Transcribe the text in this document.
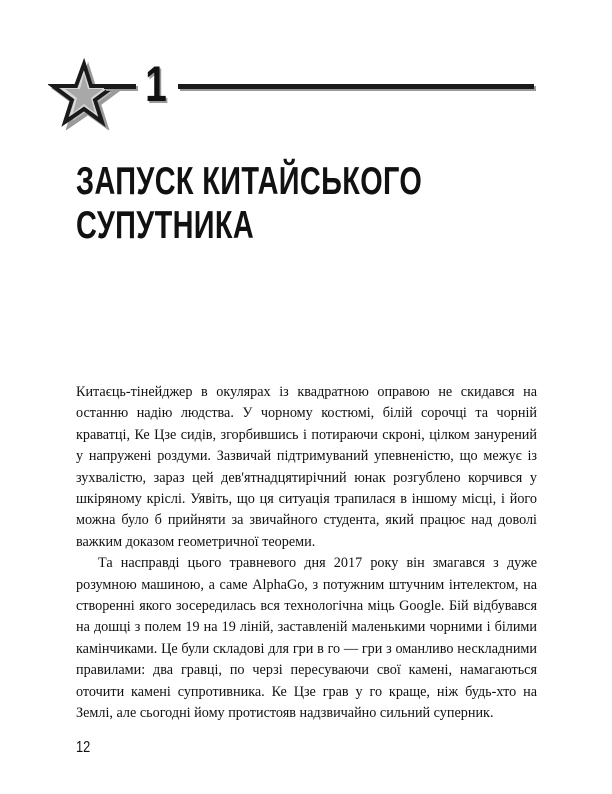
1
ЗАПУСК КИТАЙСЬКОГО
СУПУТНИКА

Китаєць-тінейджер в окулярах із квадратною оправою не скидався на останню надію людства. У чорному костюмі, білій сорочці та чорній краватці, Ке Цзе сидів, згорбившись і потираючи скроні, цілком занурений у напружені роздуми. Зазвичай підтримуваний упевненістю, що межує із зухвалістю, зараз цей дев'ятнадцятирічний юнак розгублено корчився у шкіряному кріслі. Уявіть, що ця ситуація трапилася в іншому місці, і його можна було б прийняти за звичайного студента, який працює над доволі важким доказом геометричної теореми.

Та насправді цього травневого дня 2017 року він змагався з дуже розумною машиною, а саме AlphaGo, з потужним штучним інтелектом, на створенні якого зосередилась вся технологічна міць Google. Бій відбувався на дошці з полем 19 на 19 ліній, заставленій маленькими чорними і білими камінчиками. Це були складові для гри в го — гри з оманливо нескладними правилами: два гравці, по черзі пересуваючи свої камені, намагаються оточити камені супротивника. Ке Цзе грав у го краще, ніж будь-хто на Землі, але сьогодні йому протистояв надзвичайно сильний суперник.

12
